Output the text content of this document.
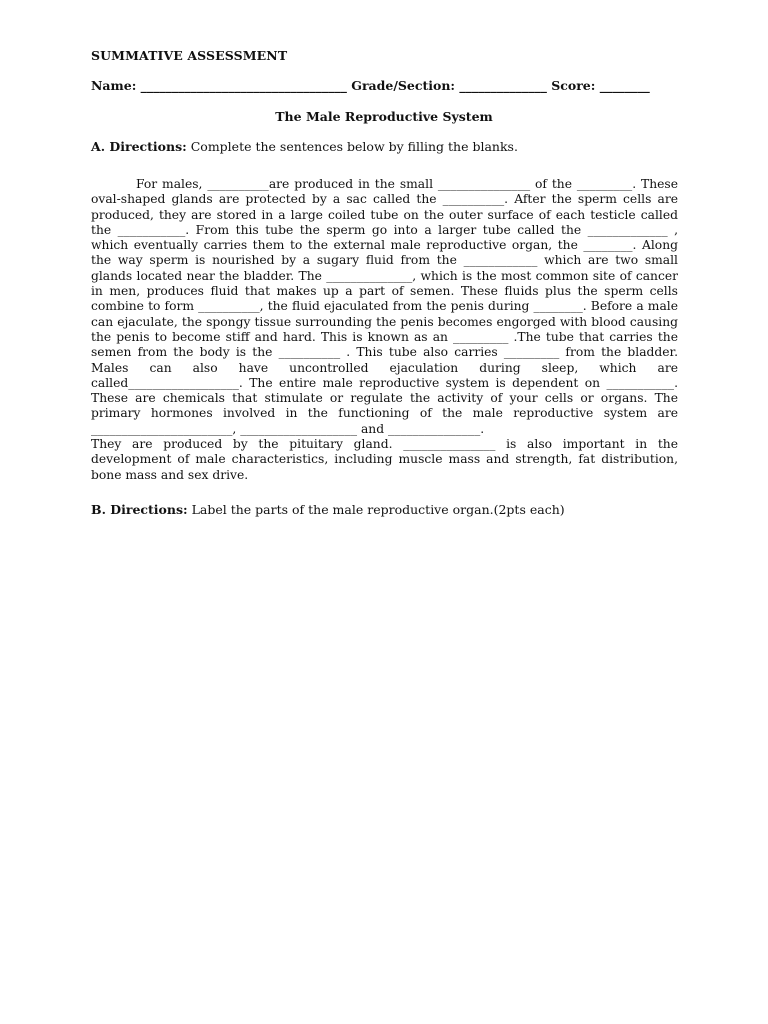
SUMMATIVE ASSESSMENT
Name: _________________________________ Grade/Section: ______________ Score: ________
The Male Reproductive System
A. Directions: Complete the sentences below by filling the blanks.

For males, __________are produced in the small _______________ of the _________. These oval-shaped glands are protected by a sac called the __________. After the sperm cells are produced, they are stored in a large coiled tube on the outer surface of each testicle called the ___________. From this tube the sperm go into a larger tube called the _____________ , which eventually carries them to the external male reproductive organ, the ________. Along the way sperm is nourished by a sugary fluid from the ____________ which are two small glands located near the bladder. The ______________, which is the most common site of cancer in men, produces fluid that makes up a part of semen. These fluids plus the sperm cells combine to form __________, the fluid ejaculated from the penis during ________. Before a male can ejaculate, the spongy tissue surrounding the penis becomes engorged with blood causing the penis to become stiff and hard. This is known as an _________ .The tube that carries the semen from the body is the __________ . This tube also carries _________ from the bladder. Males can also have uncontrolled ejaculation during sleep, which are called__________________. The entire male reproductive system is dependent on ___________. These are chemicals that stimulate or regulate the activity of your cells or organs. The primary hormones involved in the functioning of the male reproductive system are _______________________, ___________________ and _______________.

They are produced by the pituitary gland. _______________ is also important in the development of male characteristics, including muscle mass and strength, fat distribution, bone mass and sex drive.

B. Directions: Label the parts of the male reproductive organ.(2pts each)
